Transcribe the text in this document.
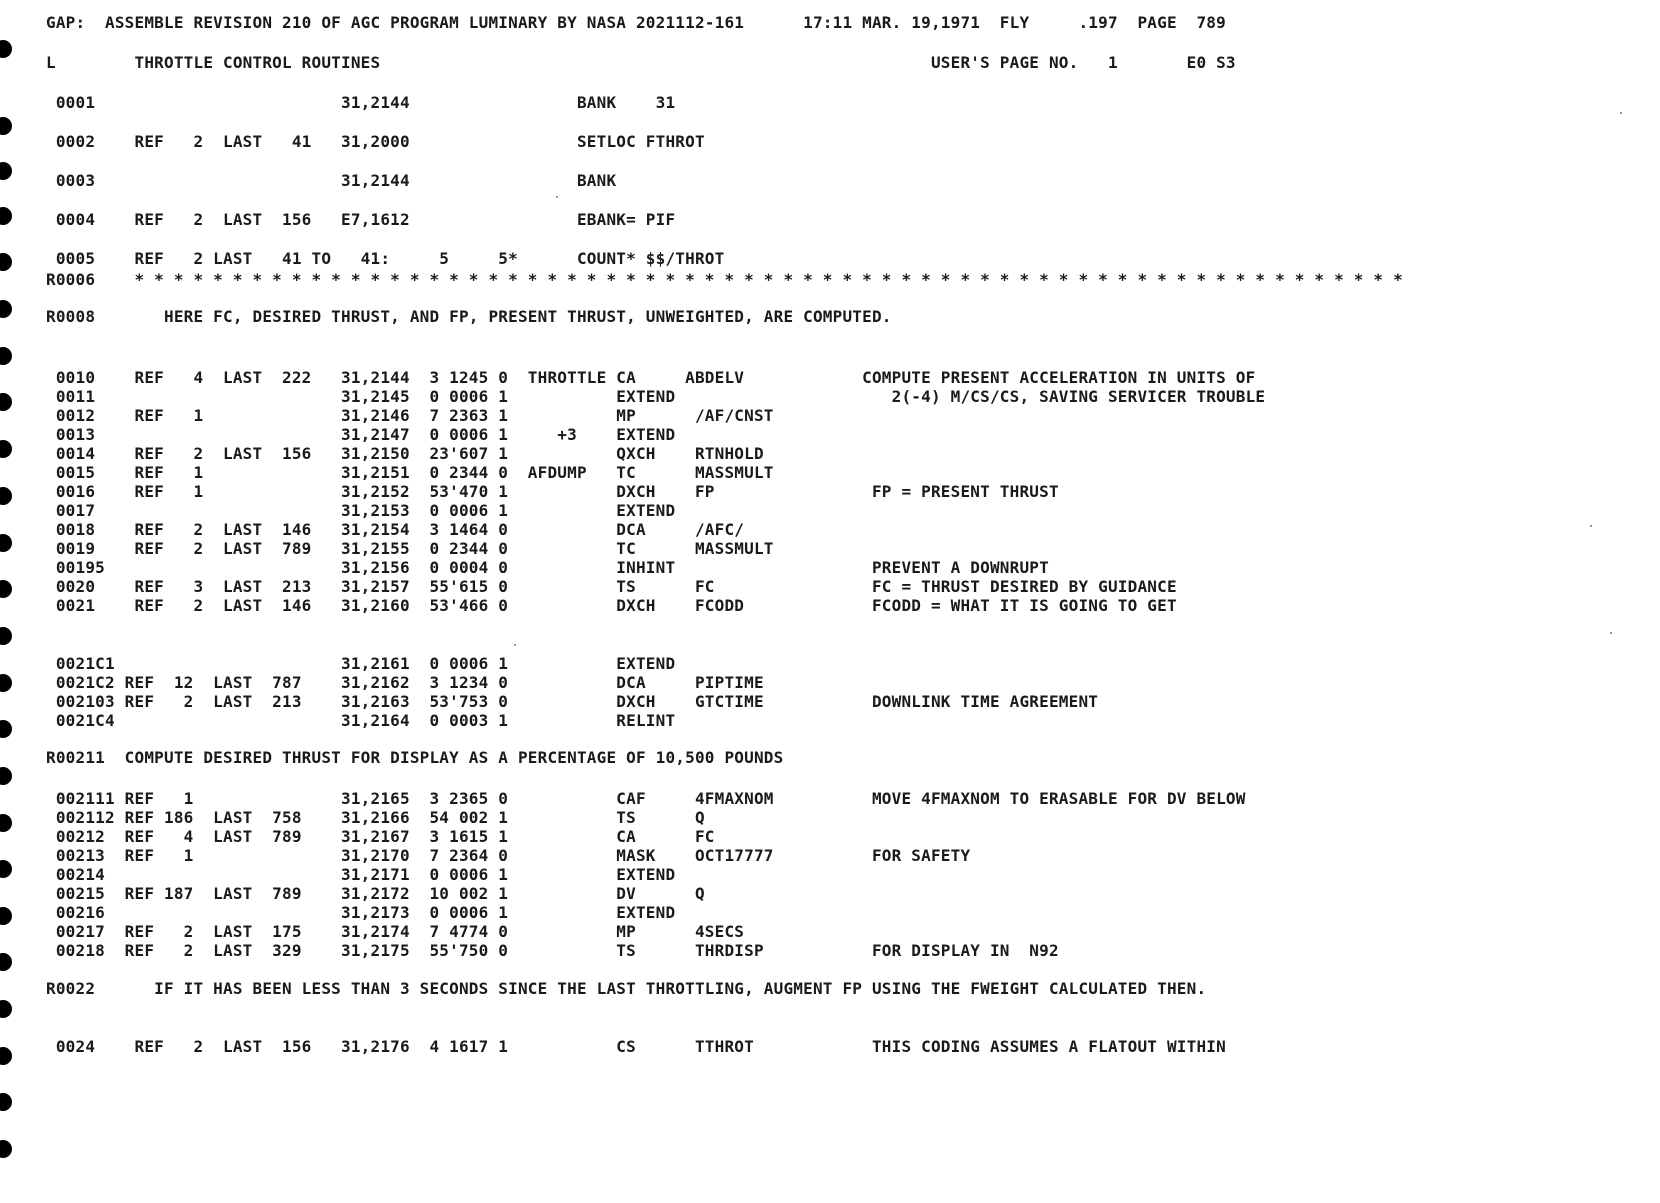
GAP:  ASSEMBLE REVISION 210 OF AGC PROGRAM LUMINARY BY NASA 2021112-161      17:11 MAR. 19,1971  FLY     .197  PAGE  789
L        THROTTLE CONTROL ROUTINES                                                        USER'S PAGE NO.   1       E0 S3
0001                         31,2144                 BANK    31
0002    REF   2  LAST   41   31,2000                 SETLOC FTHROT
0003                         31,2144                 BANK
0004    REF   2  LAST  156   E7,1612                 EBANK= PIF
0005    REF   2 LAST   41 TO   41:     5     5*      COUNT* $$/THROT
R0006    * * * * * * * * * * * * * * * * * * * * * * * * * * * * * * * * * * * * * * * * * * * * * * * * * * * * * * * * * * * * * * * * *
R0008       HERE FC, DESIRED THRUST, AND FP, PRESENT THRUST, UNWEIGHTED, ARE COMPUTED.
0010    REF   4  LAST  222   31,2144  3 1245 0  THROTTLE CA     ABDELV            COMPUTE PRESENT ACCELERATION IN UNITS OF
0011                         31,2145  0 0006 1           EXTEND                      2(-4) M/CS/CS, SAVING SERVICER TROUBLE
0012    REF   1              31,2146  7 2363 1           MP      /AF/CNST
0013                         31,2147  0 0006 1     +3    EXTEND
0014    REF   2  LAST  156   31,2150  23'607 1           QXCH    RTNHOLD
0015    REF   1              31,2151  0 2344 0  AFDUMP   TC      MASSMULT
0016    REF   1              31,2152  53'470 1           DXCH    FP                FP = PRESENT THRUST
0017                         31,2153  0 0006 1           EXTEND
0018    REF   2  LAST  146   31,2154  3 1464 0           DCA     /AFC/
0019    REF   2  LAST  789   31,2155  0 2344 0           TC      MASSMULT
00195                        31,2156  0 0004 0           INHINT                    PREVENT A DOWNRUPT
0020    REF   3  LAST  213   31,2157  55'615 0           TS      FC                FC = THRUST DESIRED BY GUIDANCE
0021    REF   2  LAST  146   31,2160  53'466 0           DXCH    FCODD             FCODD = WHAT IT IS GOING TO GET
0021C1                       31,2161  0 0006 1           EXTEND
0021C2 REF  12  LAST  787    31,2162  3 1234 0           DCA     PIPTIME
002103 REF   2  LAST  213    31,2163  53'753 0           DXCH    GTCTIME           DOWNLINK TIME AGREEMENT
0021C4                       31,2164  0 0003 1           RELINT
R00211  COMPUTE DESIRED THRUST FOR DISPLAY AS A PERCENTAGE OF 10,500 POUNDS
002111 REF   1               31,2165  3 2365 0           CAF     4FMAXNOM          MOVE 4FMAXNOM TO ERASABLE FOR DV BELOW
002112 REF 186  LAST  758    31,2166  54 002 1           TS      Q
00212  REF   4  LAST  789    31,2167  3 1615 1           CA      FC
00213  REF   1               31,2170  7 2364 0           MASK    OCT17777          FOR SAFETY
00214                        31,2171  0 0006 1           EXTEND
00215  REF 187  LAST  789    31,2172  10 002 1           DV      Q
00216                        31,2173  0 0006 1           EXTEND
00217  REF   2  LAST  175    31,2174  7 4774 0           MP      4SECS
00218  REF   2  LAST  329    31,2175  55'750 0           TS      THRDISP           FOR DISPLAY IN  N92
R0022      IF IT HAS BEEN LESS THAN 3 SECONDS SINCE THE LAST THROTTLING, AUGMENT FP USING THE FWEIGHT CALCULATED THEN.
0024    REF   2  LAST  156   31,2176  4 1617 1           CS      TTHROT            THIS CODING ASSUMES A FLATOUT WITHIN
